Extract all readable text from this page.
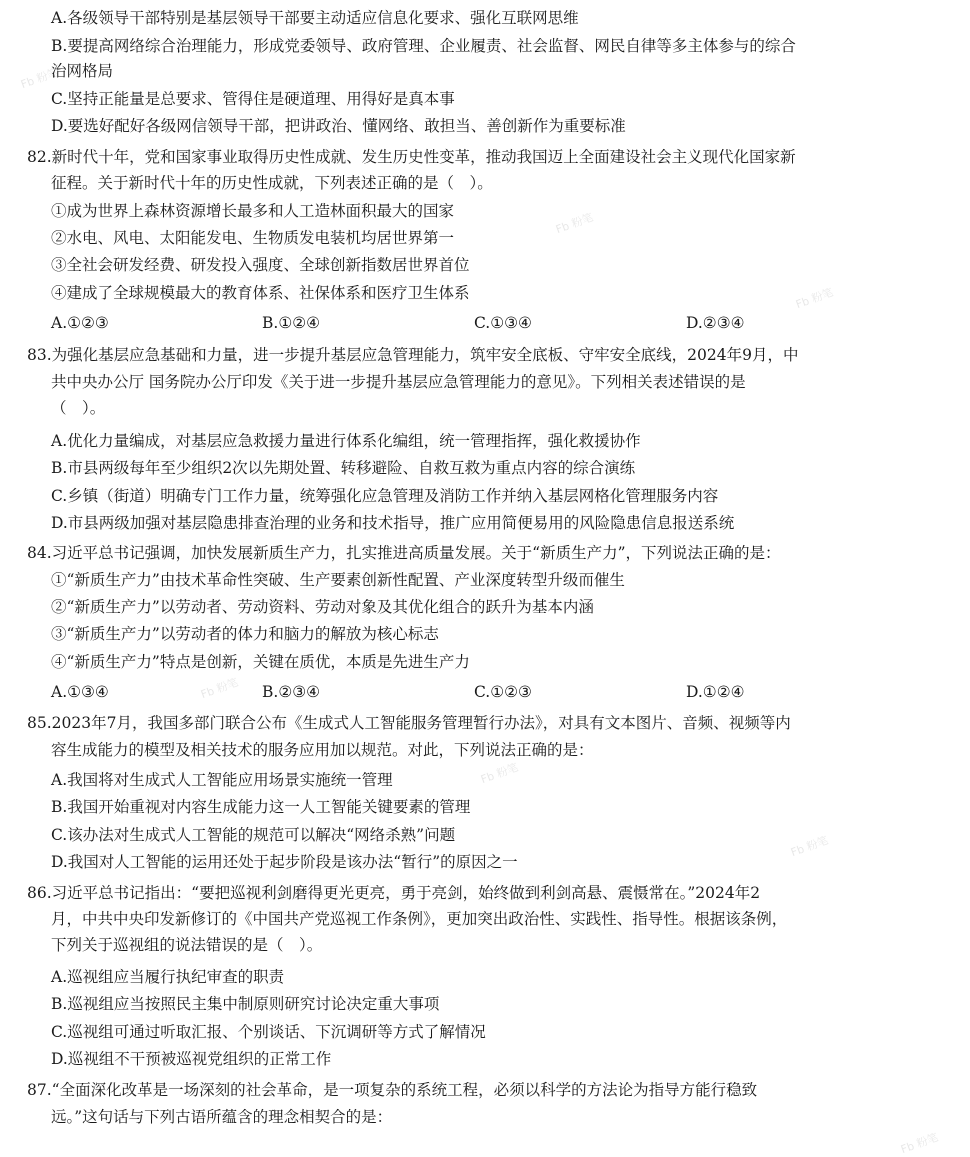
Fb 粉笔
Fb 粉笔
Fb 粉笔
Fb 粉笔
Fb 粉笔
Fb 粉笔
Fb 粉笔
A.各级领导干部特别是基层领导干部要主动适应信息化要求、强化互联网思维
B.要提高网络综合治理能力，形成党委领导、政府管理、企业履责、社会监督、网民自律等多主体参与的综合
治网格局
C.坚持正能量是总要求、管得住是硬道理、用得好是真本事
D.要选好配好各级网信领导干部，把讲政治、懂网络、敢担当、善创新作为重要标准
82.新时代十年，党和国家事业取得历史性成就、发生历史性变革，推动我国迈上全面建设社会主义现代化国家新
征程。关于新时代十年的历史性成就，下列表述正确的是（　）。
①成为世界上森林资源增长最多和人工造林面积最大的国家
②水电、风电、太阳能发电、生物质发电装机均居世界第一
③全社会研发经费、研发投入强度、全球创新指数居世界首位
④建成了全球规模最大的教育体系、社保体系和医疗卫生体系
A.①②③	B.①②④	C.①③④	D.②③④
83.为强化基层应急基础和力量，进一步提升基层应急管理能力，筑牢安全底板、守牢安全底线，2024年9月，中
共中央办公厅 国务院办公厅印发《关于进一步提升基层应急管理能力的意见》。下列相关表述错误的是
（　）。
A.优化力量编成，对基层应急救援力量进行体系化编组，统一管理指挥，强化救援协作
B.市县两级每年至少组织2次以先期处置、转移避险、自救互救为重点内容的综合演练
C.乡镇（街道）明确专门工作力量，统筹强化应急管理及消防工作并纳入基层网格化管理服务内容
D.市县两级加强对基层隐患排查治理的业务和技术指导，推广应用简便易用的风险隐患信息报送系统
84.习近平总书记强调，加快发展新质生产力，扎实推进高质量发展。关于“新质生产力”，下列说法正确的是：
①“新质生产力”由技术革命性突破、生产要素创新性配置、产业深度转型升级而催生
②“新质生产力”以劳动者、劳动资料、劳动对象及其优化组合的跃升为基本内涵
③“新质生产力”以劳动者的体力和脑力的解放为核心标志
④“新质生产力”特点是创新，关键在质优，本质是先进生产力
A.①③④	B.②③④	C.①②③	D.①②④
85.2023年7月，我国多部门联合公布《生成式人工智能服务管理暂行办法》，对具有文本图片、音频、视频等内
容生成能力的模型及相关技术的服务应用加以规范。对此，下列说法正确的是：
A.我国将对生成式人工智能应用场景实施统一管理
B.我国开始重视对内容生成能力这一人工智能关键要素的管理
C.该办法对生成式人工智能的规范可以解决“网络杀熟”问题
D.我国对人工智能的运用还处于起步阶段是该办法“暂行”的原因之一
86.习近平总书记指出：“要把巡视利剑磨得更光更亮，勇于亮剑，始终做到利剑高悬、震慑常在。”2024年2
月，中共中央印发新修订的《中国共产党巡视工作条例》，更加突出政治性、实践性、指导性。根据该条例，
下列关于巡视组的说法错误的是（　）。
A.巡视组应当履行执纪审查的职责
B.巡视组应当按照民主集中制原则研究讨论决定重大事项
C.巡视组可通过听取汇报、个别谈话、下沉调研等方式了解情况
D.巡视组不干预被巡视党组织的正常工作
87.“全面深化改革是一场深刻的社会革命，是一项复杂的系统工程，必须以科学的方法论为指导方能行稳致
远。”这句话与下列古语所蕴含的理念相契合的是：
